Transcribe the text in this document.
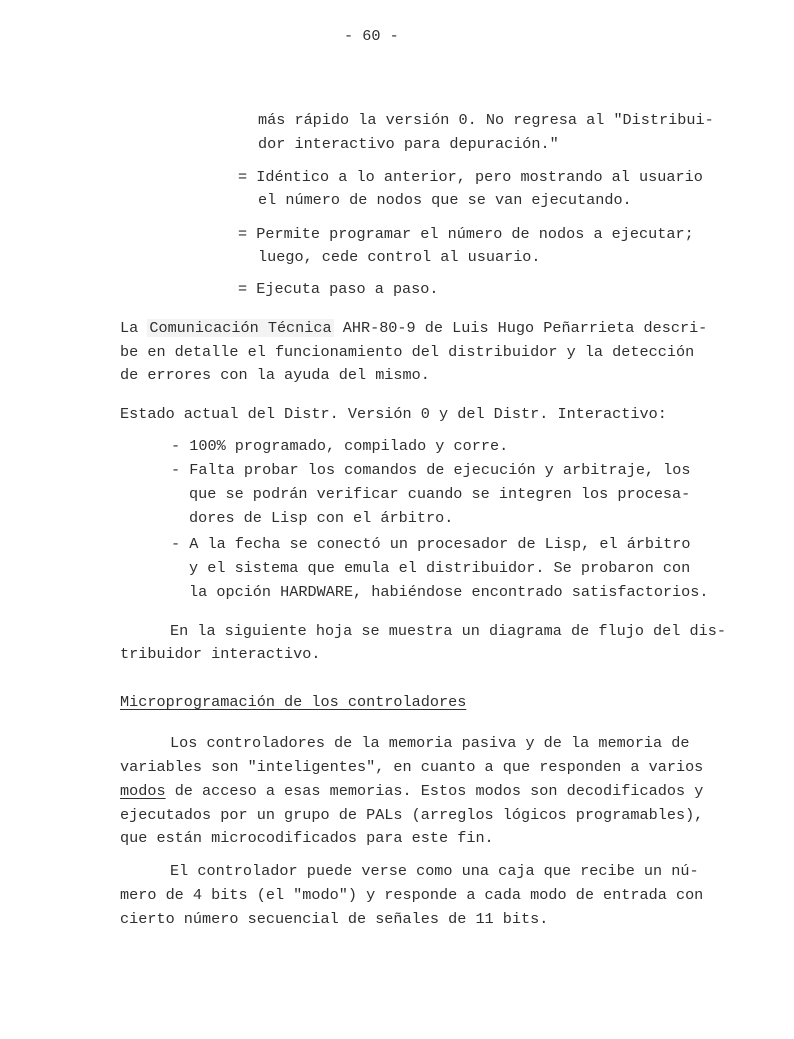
- 60 -
más rápido la versión 0. No regresa al "Distribui-
dor interactivo para depuración."
= Idéntico a lo anterior, pero mostrando al usuario
el número de nodos que se van ejecutando.
= Permite programar el número de nodos a ejecutar;
luego, cede control al usuario.
= Ejecuta paso a paso.
La Comunicación Técnica AHR-80-9 de Luis Hugo Peñarrieta descri-
be en detalle el funcionamiento del distribuidor y la detección
de errores con la ayuda del mismo.
Estado actual del Distr. Versión 0 y del Distr. Interactivo:
- 100% programado, compilado y corre.
- Falta probar los comandos de ejecución y arbitraje, los
que se podrán verificar cuando se integren los procesa-
dores de Lisp con el árbitro.
- A la fecha se conectó un procesador de Lisp, el árbitro
y el sistema que emula el distribuidor. Se probaron con
la opción HARDWARE, habiéndose encontrado satisfactorios.
En la siguiente hoja se muestra un diagrama de flujo del dis-
tribuidor interactivo.
Microprogramación de los controladores
Los controladores de la memoria pasiva y de la memoria de
variables son "inteligentes", en cuanto a que responden a varios
modos de acceso a esas memorias. Estos modos son decodificados y
ejecutados por un grupo de PALs (arreglos lógicos programables),
que están microcodificados para este fin.
El controlador puede verse como una caja que recibe un nú-
mero de 4 bits (el "modo") y responde a cada modo de entrada con
cierto número secuencial de señales de 11 bits.
